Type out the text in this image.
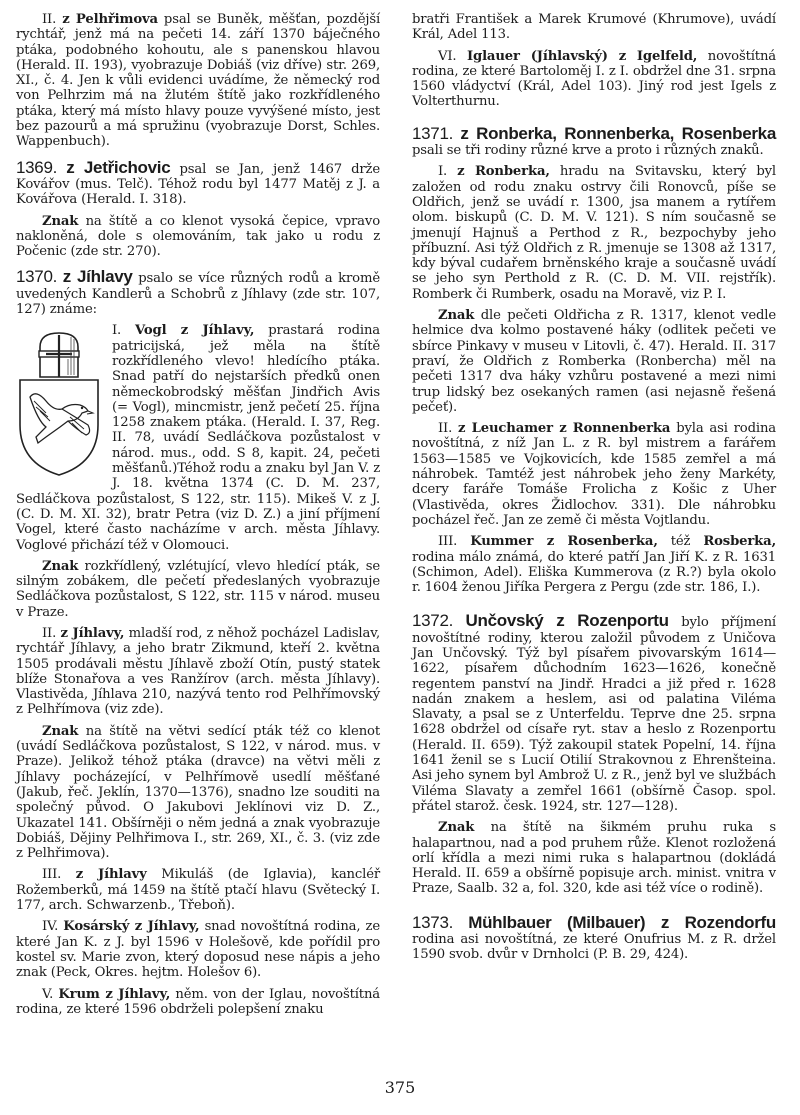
II. z Pelhřimova psal se Buněk, měšťan, pozdější rychtář, jenž má na pečeti 14. září 1370 báječného ptáka, podobného kohoutu, ale s panenskou hlavou (Herald. II. 193), vyobrazuje Dobiáš (viz dříve) str. 269, XI., č. 4. Jen k vůli evidenci uvádíme, že německý rod von Pelhrzim má na žlutém štítě jako rozkřídleného ptáka, který má místo hlavy pouze vyvýšené místo, jest bez pazourů a má spružinu (vyobrazuje Dorst, Schles. Wappenbuch).

1369. z Jetřichovic psal se Jan, jenž 1467 drže Kovářov (mus. Telč). Téhož rodu byl 1477 Matěj z J. a Kovářova (Herald. I. 318).

Znak na štítě a co klenot vysoká čepice, vpravo nakloněná, dole s olemováním, tak jako u rodu z Počenic (zde str. 270).

1370. z Jíhlavy psalo se více různých rodů a kromě uvedených Kandlerů a Schobrů z Jíhlavy (zde str. 107, 127) známe:

I. Vogl z Jíhlavy, prastará rodina patricijská, jež měla na štítě rozkřídleného vlevo! hledícího ptáka. Snad patří do nejstarších předků onen německobrodský měšťan Jindřich Avis (= Vogl), mincmistr, jenž pečetí 25. října 1258 znakem ptáka. (Herald. I. 37, Reg. II. 78, uvádí Sedláčkova pozůstalost v národ. mus., odd. S 8, kapit. 24, pečeti měšťanů.)Téhož rodu a znaku byl Jan V. z J. 18. května 1374 (C. D. M. 237, Sedláčkova pozůstalost, S 122, str. 115). Mikeš V. z J. (C. D. M. XI. 32), bratr Petra (viz D. Z.) a jiní příjmení Vogel, které často nacházíme v arch. města Jíhlavy. Voglové přichází též v Olomouci.

Znak rozkřídlený, vzlétující, vlevo hledící pták, se silným zobákem, dle pečetí předeslaných vyobrazuje Sedláčkova pozůstalost, S 122, str. 115 v národ. museu v Praze.

II. z Jíhlavy, mladší rod, z něhož pocházel Ladislav, rychtář Jíhlavy, a jeho bratr Zikmund, kteří 2. května 1505 prodávali městu Jíhlavě zboží Otín, pustý statek blíže Stonařova a ves Ranžírov (arch. města Jíhlavy). Vlastivěda, Jíhlava 210, nazývá tento rod Pelhřímovský z Pelhřímova (viz zde).

Znak na štítě na větvi sedící pták též co klenot (uvádí Sedláčkova pozůstalost, S 122, v národ. mus. v Praze). Jelikož téhož ptáka (dravce) na větvi měli z Jíhlavy pocházející, v Pelhřímově usedlí měšťané (Jakub, řeč. Jeklín, 1370—1376), snadno lze souditi na společný původ. O Jakubovi Jeklínovi viz D. Z., Ukazatel 141. Obšírněji o něm jedná a znak vyobrazuje Dobiáš, Dějiny Pelhřimova I., str. 269, XI., č. 3. (viz zde z Pelhřimova).

III. z Jíhlavy Mikuláš (de Iglavia), kancléř Rožemberků, má 1459 na štítě ptačí hlavu (Světecký I. 177, arch. Schwarzenb., Třeboň).

IV. Kosárský z Jíhlavy, snad novoštítná rodina, ze které Jan K. z J. byl 1596 v Holešově, kde pořídil pro kostel sv. Marie zvon, který doposud nese nápis a jeho znak (Peck, Okres. hejtm. Holešov 6).

V. Krum z Jíhlavy, něm. von der Iglau, novoštítná rodina, ze které 1596 obdrželi polepšení znaku

bratři František a Marek Krumové (Khrumove), uvádí Král, Adel 113.

VI. Iglauer (Jíhlavský) z Igelfeld, novoštítná rodina, ze které Bartoloměj I. z I. obdržel dne 31. srpna 1560 vládyctví (Král, Adel 103). Jiný rod jest Igels z Volterthurnu.

1371. z Ronberka, Ronnenberka, Rosenberka psali se tři rodiny různé krve a proto i různých znaků.

I. z Ronberka, hradu na Svitavsku, který byl založen od rodu znaku ostrvy čili Ronovců, píše se Oldřich, jenž se uvádí r. 1300, jsa manem a rytířem olom. biskupů (C. D. M. V. 121). S ním současně se jmenují Hajnuš a Perthod z R., bezpochyby jeho příbuzní. Asi týž Oldřich z R. jmenuje se 1308 až 1317, kdy býval cudařem brněnského kraje a současně uvádí se jeho syn Perthold z R. (C. D. M. VII. rejstřík). Romberk či Rumberk, osadu na Moravě, viz P. I.

Znak dle pečeti Oldřicha z R. 1317, klenot vedle helmice dva kolmo postavené háky (odlitek pečeti ve sbírce Pinkavy v museu v Litovli, č. 47). Herald. II. 317 praví, že Oldřich z Romberka (Ronbercha) měl na pečeti 1317 dva háky vzhůru postavené a mezi nimi trup lidský bez osekaných ramen (asi nejasně řešená pečeť).

II. z Leuchamer z Ronnenberka byla asi rodina novoštítná, z níž Jan L. z R. byl mistrem a farářem 1563—1585 ve Vojkovicích, kde 1585 zemřel a má náhrobek. Tamtéž jest náhrobek jeho ženy Markéty, dcery faráře Tomáše Frolicha z Košic z Uher (Vlastivěda, okres Židlochov. 331). Dle náhrobku pocházel řeč. Jan ze země či města Vojtlandu.

III. Kummer z Rosenberka, též Rosberka, rodina málo známá, do které patří Jan Jiří K. z R. 1631 (Schimon, Adel). Eliška Kummerova (z R.?) byla okolo r. 1604 ženou Jiříka Pergera z Pergu (zde str. 186, I.).

1372. Unčovský z Rozenportu bylo příjmení novoštítné rodiny, kterou založil původem z Uničova Jan Unčovský. Týž byl písařem pivovarským 1614—1622, písařem důchodním 1623—1626, konečně regentem panství na Jindř. Hradci a již před r. 1628 nadán znakem a heslem, asi od palatina Viléma Slavaty, a psal se z Unterfeldu. Teprve dne 25. srpna 1628 obdržel od císaře ryt. stav a heslo z Rozenportu (Herald. II. 659). Týž zakoupil statek Popelní, 14. října 1641 ženil se s Lucií Otilií Strakovnou z Ehrenšteina. Asi jeho synem byl Ambrož U. z R., jenž byl ve službách Viléma Slavaty a zemřel 1661 (obšírně Časop. spol. přátel starož. česk. 1924, str. 127—128).

Znak na štítě na šikmém pruhu ruka s halapartnou, nad a pod pruhem růže. Klenot rozložená orlí křídla a mezi nimi ruka s halapartnou (dokládá Herald. II. 659 a obšírně popisuje arch. minist. vnitra v Praze, Saalb. 32 a, fol. 320, kde asi též více o rodině).

1373. Mühlbauer (Milbauer) z Rozendorfu rodina asi novoštítná, ze které Onufrius M. z R. držel 1590 svob. dvůr v Drnholci (P. B. 29, 424).

375
